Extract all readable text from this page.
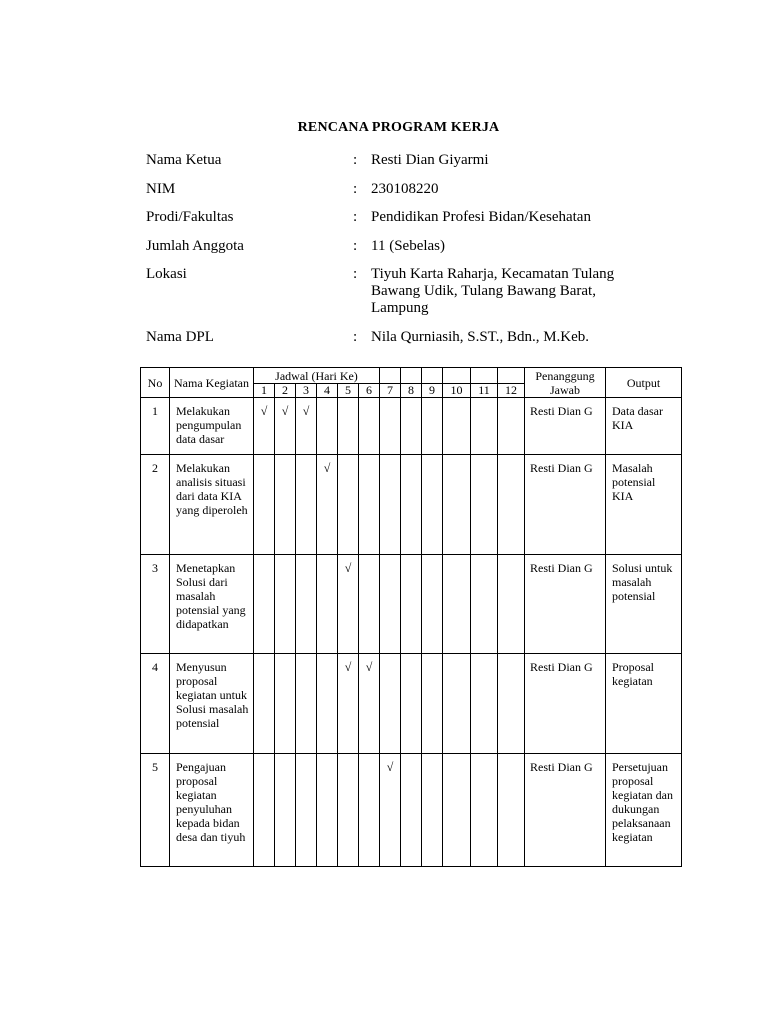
RENCANA PROGRAM KERJA
Nama Ketua	: Resti Dian Giyarmi
NIM	: 230108220
Prodi/Fakultas	: Pendidikan Profesi Bidan/Kesehatan
Jumlah Anggota	: 11 (Sebelas)
Lokasi	: Tiyuh Karta Raharja, Kecamatan Tulang Bawang Udik, Tulang Bawang Barat, Lampung
Nama DPL	: Nila Qurniasih, S.ST., Bdn., M.Keb.
No	Nama Kegiatan	Jadwal (Hari Ke)												Penanggung Jawab	Output
		1	2	3	4	5	6	7	8	9	10	11	12		
1	Melakukan pengumpulan data dasar	√	√	√										Resti Dian G	Data dasar KIA
2	Melakukan analisis situasi dari data KIA yang diperoleh				√									Resti Dian G	Masalah potensial KIA
3	Menetapkan Solusi dari masalah potensial yang didapatkan					√								Resti Dian G	Solusi untuk masalah potensial
4	Menyusun proposal kegiatan untuk Solusi masalah potensial					√	√							Resti Dian G	Proposal kegiatan
5	Pengajuan proposal kegiatan penyuluhan kepada bidan desa dan tiyuh							√						Resti Dian G	Persetujuan proposal kegiatan dan dukungan pelaksanaan kegiatan
